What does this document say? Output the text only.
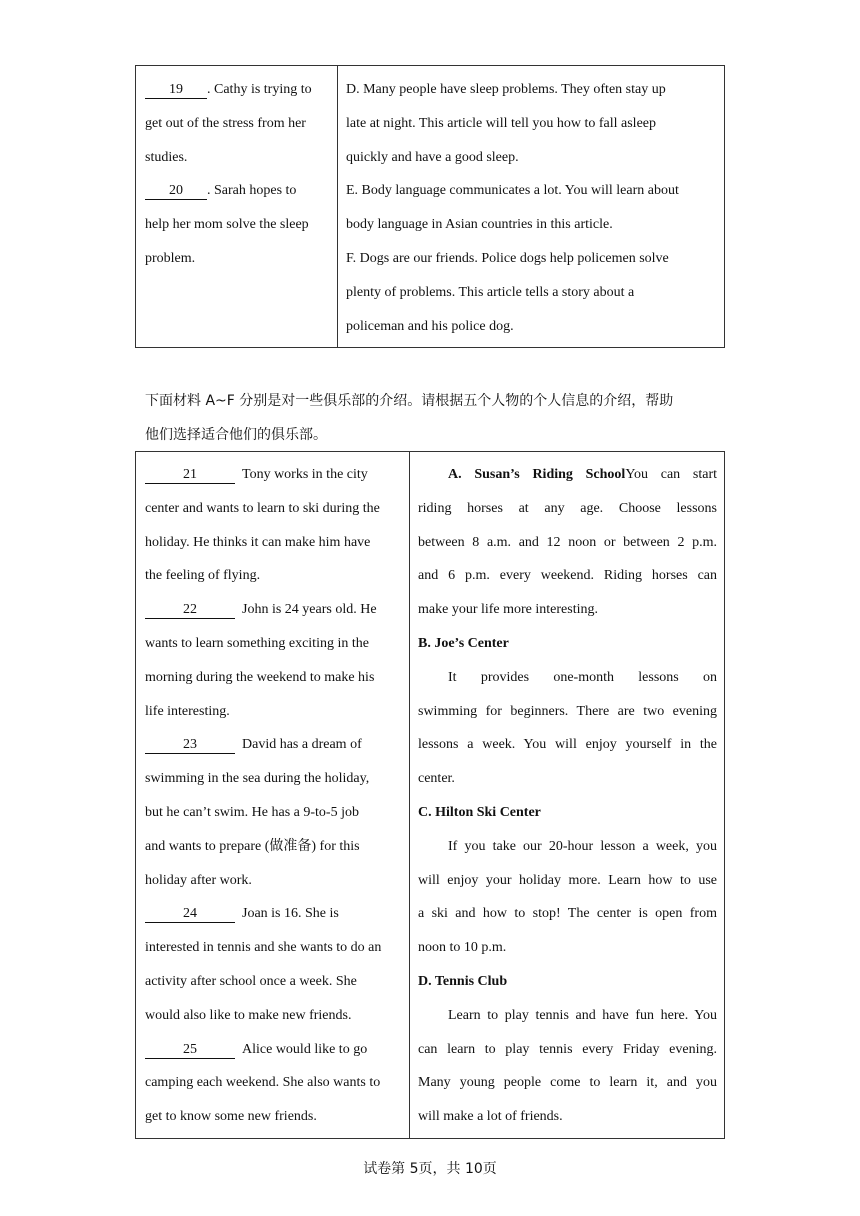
19 . Cathy is trying to
get out of the stress from her
studies.
20 . Sarah hopes to
help her mom solve the sleep
problem.
D. Many people have sleep problems. They often stay up
late at night. This article will tell you how to fall asleep
quickly and have a good sleep.
E. Body language communicates a lot. You will learn about
body language in Asian countries in this article.
F. Dogs are our friends. Police dogs help policemen solve
plenty of problems. This article tells a story about a
policeman and his police dog.
下面材料 A~F 分别是对一些俱乐部的介绍。请根据五个人物的个人信息的介绍，帮助
他们选择适合他们的俱乐部。
21	Tony works in the city
center and wants to learn to ski during the
holiday. He thinks it can make him have
the feeling of flying.
22	John is 24 years old. He
wants to learn something exciting in the
morning during the weekend to make his
life interesting.
23	David has a dream of
swimming in the sea during the holiday,
but he can’t swim. He has a 9-to-5 job
and wants to prepare (做准备) for this
holiday after work.
24	Joan is 16. She is
interested in tennis and she wants to do an
activity after school once a week. She
would also like to make new friends.
25	Alice would like to go
camping each weekend. She also wants to
get to know some new friends.
A. Susan’s Riding SchoolYou can start
riding horses at any age. Choose lessons
between 8 a.m. and 12 noon or between 2 p.m.
and 6 p.m. every weekend. Riding horses can
make your life more interesting.
B. Joe’s Center
It provides one-month lessons on
swimming for beginners. There are two evening
lessons a week. You will enjoy yourself in the
center.
C. Hilton Ski Center
If you take our 20-hour lesson a week, you
will enjoy your holiday more. Learn how to use
a ski and how to stop! The center is open from
noon to 10 p.m.
D. Tennis Club
Learn to play tennis and have fun here. You
can learn to play tennis every Friday evening.
Many young people come to learn it, and you
will make a lot of friends.
试卷第 5页，共 10页
